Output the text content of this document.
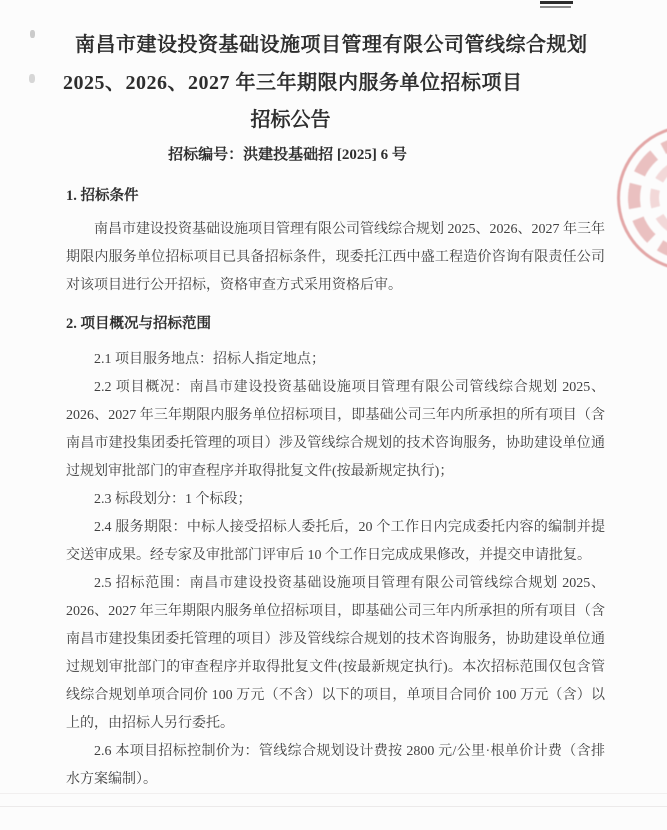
南昌市建设投资基础设施项目管理有限公司管线综合规划
2025、2026、2027 年三年期限内服务单位招标项目
招标公告
招标编号：洪建投基础招 [2025] 6 号
1. 招标条件

南昌市建设投资基础设施项目管理有限公司管线综合规划 2025、2026、2027 年三年期限内服务单位招标项目已具备招标条件，现委托江西中盛工程造价咨询有限责任公司对该项目进行公开招标，资格审查方式采用资格后审。

2. 项目概况与招标范围

2.1 项目服务地点：招标人指定地点；

2.2 项目概况：南昌市建设投资基础设施项目管理有限公司管线综合规划 2025、2026、2027 年三年期限内服务单位招标项目，即基础公司三年内所承担的所有项目（含南昌市建投集团委托管理的项目）涉及管线综合规划的技术咨询服务，协助建设单位通过规划审批部门的审查程序并取得批复文件(按最新规定执行)；

2.3 标段划分：1 个标段；

2.4 服务期限：中标人接受招标人委托后，20 个工作日内完成委托内容的编制并提交送审成果。经专家及审批部门评审后 10 个工作日完成成果修改，并提交申请批复。

2.5 招标范围：南昌市建设投资基础设施项目管理有限公司管线综合规划 2025、2026、2027 年三年期限内服务单位招标项目，即基础公司三年内所承担的所有项目（含南昌市建投集团委托管理的项目）涉及管线综合规划的技术咨询服务，协助建设单位通过规划审批部门的审查程序并取得批复文件(按最新规定执行)。本次招标范围仅包含管线综合规划单项合同价 100 万元（不含）以下的项目，单项目合同价 100 万元（含）以上的，由招标人另行委托。

2.6 本项目招标控制价为：管线综合规划设计费按 2800 元/公里·根单价计费（含排水方案编制）。
